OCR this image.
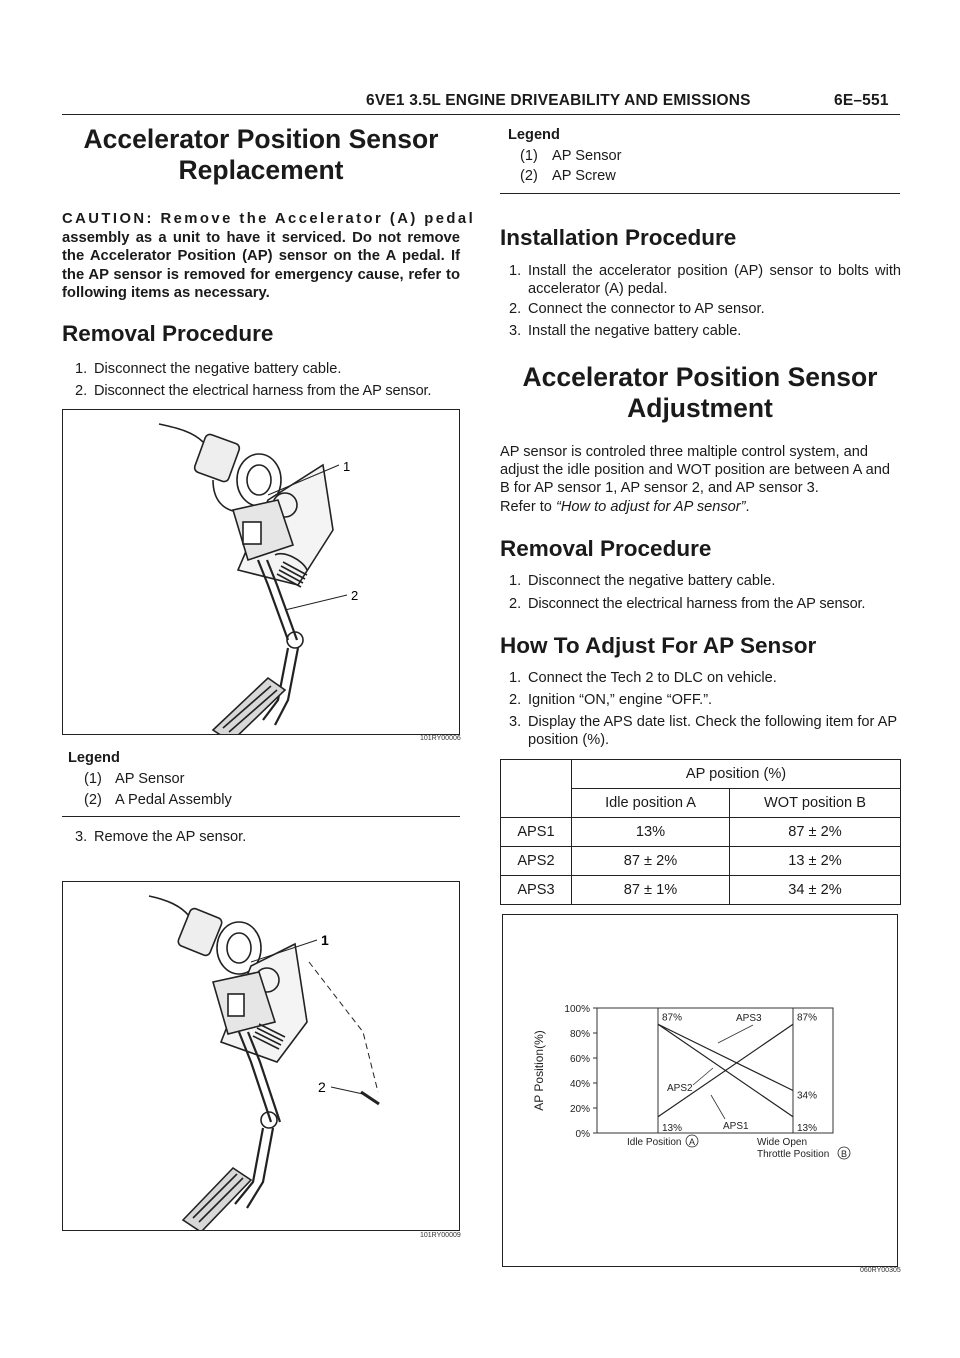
6VE1 3.5L ENGINE DRIVEABILITY AND EMISSIONS	6E–551
Accelerator Position Sensor
Replacement
CAUTION: Remove the Accelerator (A) pedal
assembly as a unit to have it serviced. Do not remove the Accelerator Position (AP) sensor on the A pedal. If the AP sensor is removed for emergency cause, refer to following items as necessary.
Removal Procedure
1. Disconnect the negative battery cable.
2. Disconnect the electrical harness from the AP sensor.
1
2
101RY00006
Legend
(1) AP Sensor
(2) A Pedal Assembly
3. Remove the AP sensor.
1
2
101RY00009
Legend
(1) AP Sensor
(2) AP Screw
Installation Procedure
1. Install the accelerator position (AP) sensor to bolts with accelerator (A) pedal.
2. Connect the connector to AP sensor.
3. Install the negative battery cable.
Accelerator Position Sensor
Adjustment
AP sensor is controled three maltiple control system, and adjust the idle position and WOT position are between A and B for AP sensor 1, AP sensor 2, and AP sensor 3.
Refer to “How to adjust for AP sensor”.
Removal Procedure
1. Disconnect the negative battery cable.
2. Disconnect the electrical harness from the AP sensor.
How To Adjust For AP Sensor
1. Connect the Tech 2 to DLC on vehicle.
2. Ignition “ON,” engine “OFF.”.
3. Display the APS date list. Check the following item for AP position (%).
	AP position (%)	
	Idle position A	WOT position B
APS1	13%	87 ± 2%
APS2	87 ± 2%	13 ± 2%
APS3	87 ± 1%	34 ± 2%
0%
20%
40%
60%
80%
100%
AP Position(%)
APS1
APS2
APS3
87%
13%
87%
34%
13%
Idle Position A	Wide Open
Throttle Position B
060RY00305
